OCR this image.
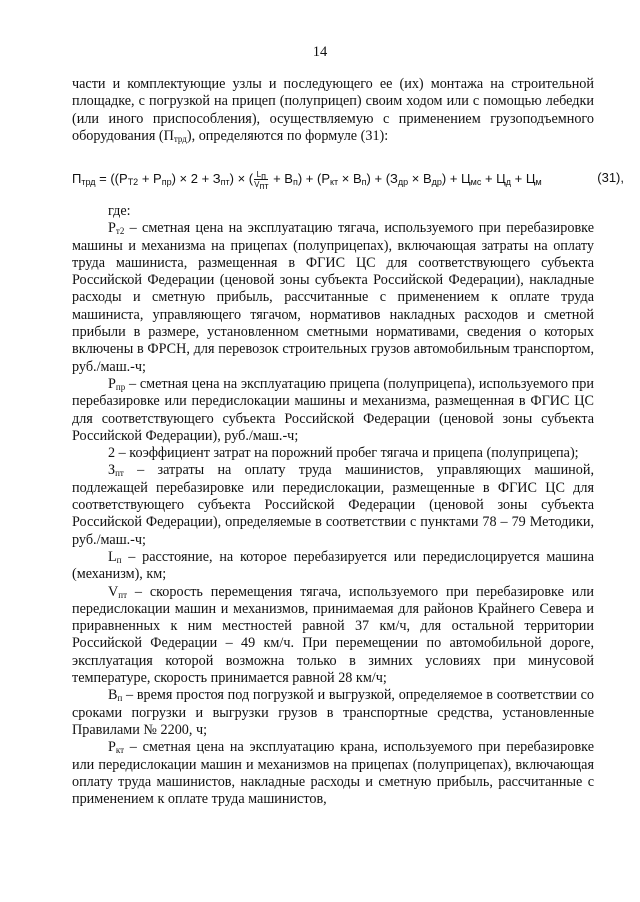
14

части и комплектующие узлы и последующего ее (их) монтажа на строительной площадке, с погрузкой на прицеп (полуприцеп) своим ходом или с помощью лебедки (или иного приспособления), осуществляемую с применением грузоподъемного оборудования $(П_{трд})$, определяются по формуле (31):

$П_{трд} = ((Р_{Т2} + Р_{пр}) \times 2 + З_{пт})$ × ( $\frac{L_п}{V_{пт}} + В_п) + (Р_{кт} \times В_п) + (З_{др} \times В_{др}) + Ц_{мс} + Ц_д + Ц_м$	(31),

где:

$Р_{т2}$ – сметная цена на эксплуатацию тягача, используемого при перебазировке машины и механизма на прицепах (полуприцепах), включающая затраты на оплату труда машиниста, размещенная в ФГИС ЦС для соответствующего субъекта Российской Федерации (ценовой зоны субъекта Российской Федерации), накладные расходы и сметную прибыль, рассчитанные с применением к оплате труда машиниста, управляющего тягачом, нормативов накладных расходов и сметной прибыли в размере, установленном сметными нормативами, сведения о которых включены в ФРСН, для перевозок строительных грузов автомобильным транспортом, руб./маш.-ч;

$Р_{пр}$ – сметная цена на эксплуатацию прицепа (полуприцепа), используемого при перебазировке или передислокации машины и механизма, размещенная в ФГИС ЦС для соответствующего субъекта Российской Федерации (ценовой зоны субъекта Российской Федерации), руб./маш.-ч;

2 – коэффициент затрат на порожний пробег тягача и прицепа (полуприцепа);

$З_{пт}$ – затраты на оплату труда машинистов, управляющих машиной, подлежащей перебазировке или передислокации, размещенные в ФГИС ЦС для соответствующего субъекта Российской Федерации (ценовой зоны субъекта Российской Федерации), определяемые в соответствии с пунктами 78 – 79 Методики, руб./маш.-ч;

$L_п$ – расстояние, на которое перебазируется или передислоцируется машина (механизм), км;

$V_{пт}$ – скорость перемещения тягача, используемого при перебазировке или передислокации машин и механизмов, принимаемая для районов Крайнего Севера и приравненных к ним местностей равной 37 км/ч, для остальной территории Российской Федерации – 49 км/ч. При перемещении по автомобильной дороге, эксплуатация которой возможна только в зимних условиях при минусовой температуре, скорость принимается равной 28 км/ч;

$В_п$ – время простоя под погрузкой и выгрузкой, определяемое в соответствии со сроками погрузки и выгрузки грузов в транспортные средства, установленные Правилами № 2200, ч;

$Р_{кт}$ – сметная цена на эксплуатацию крана, используемого при перебазировке или передислокации машин и механизмов на прицепах (полуприцепах), включающая оплату труда машинистов, накладные расходы и сметную прибыль, рассчитанные с применением к оплате труда машинистов,
